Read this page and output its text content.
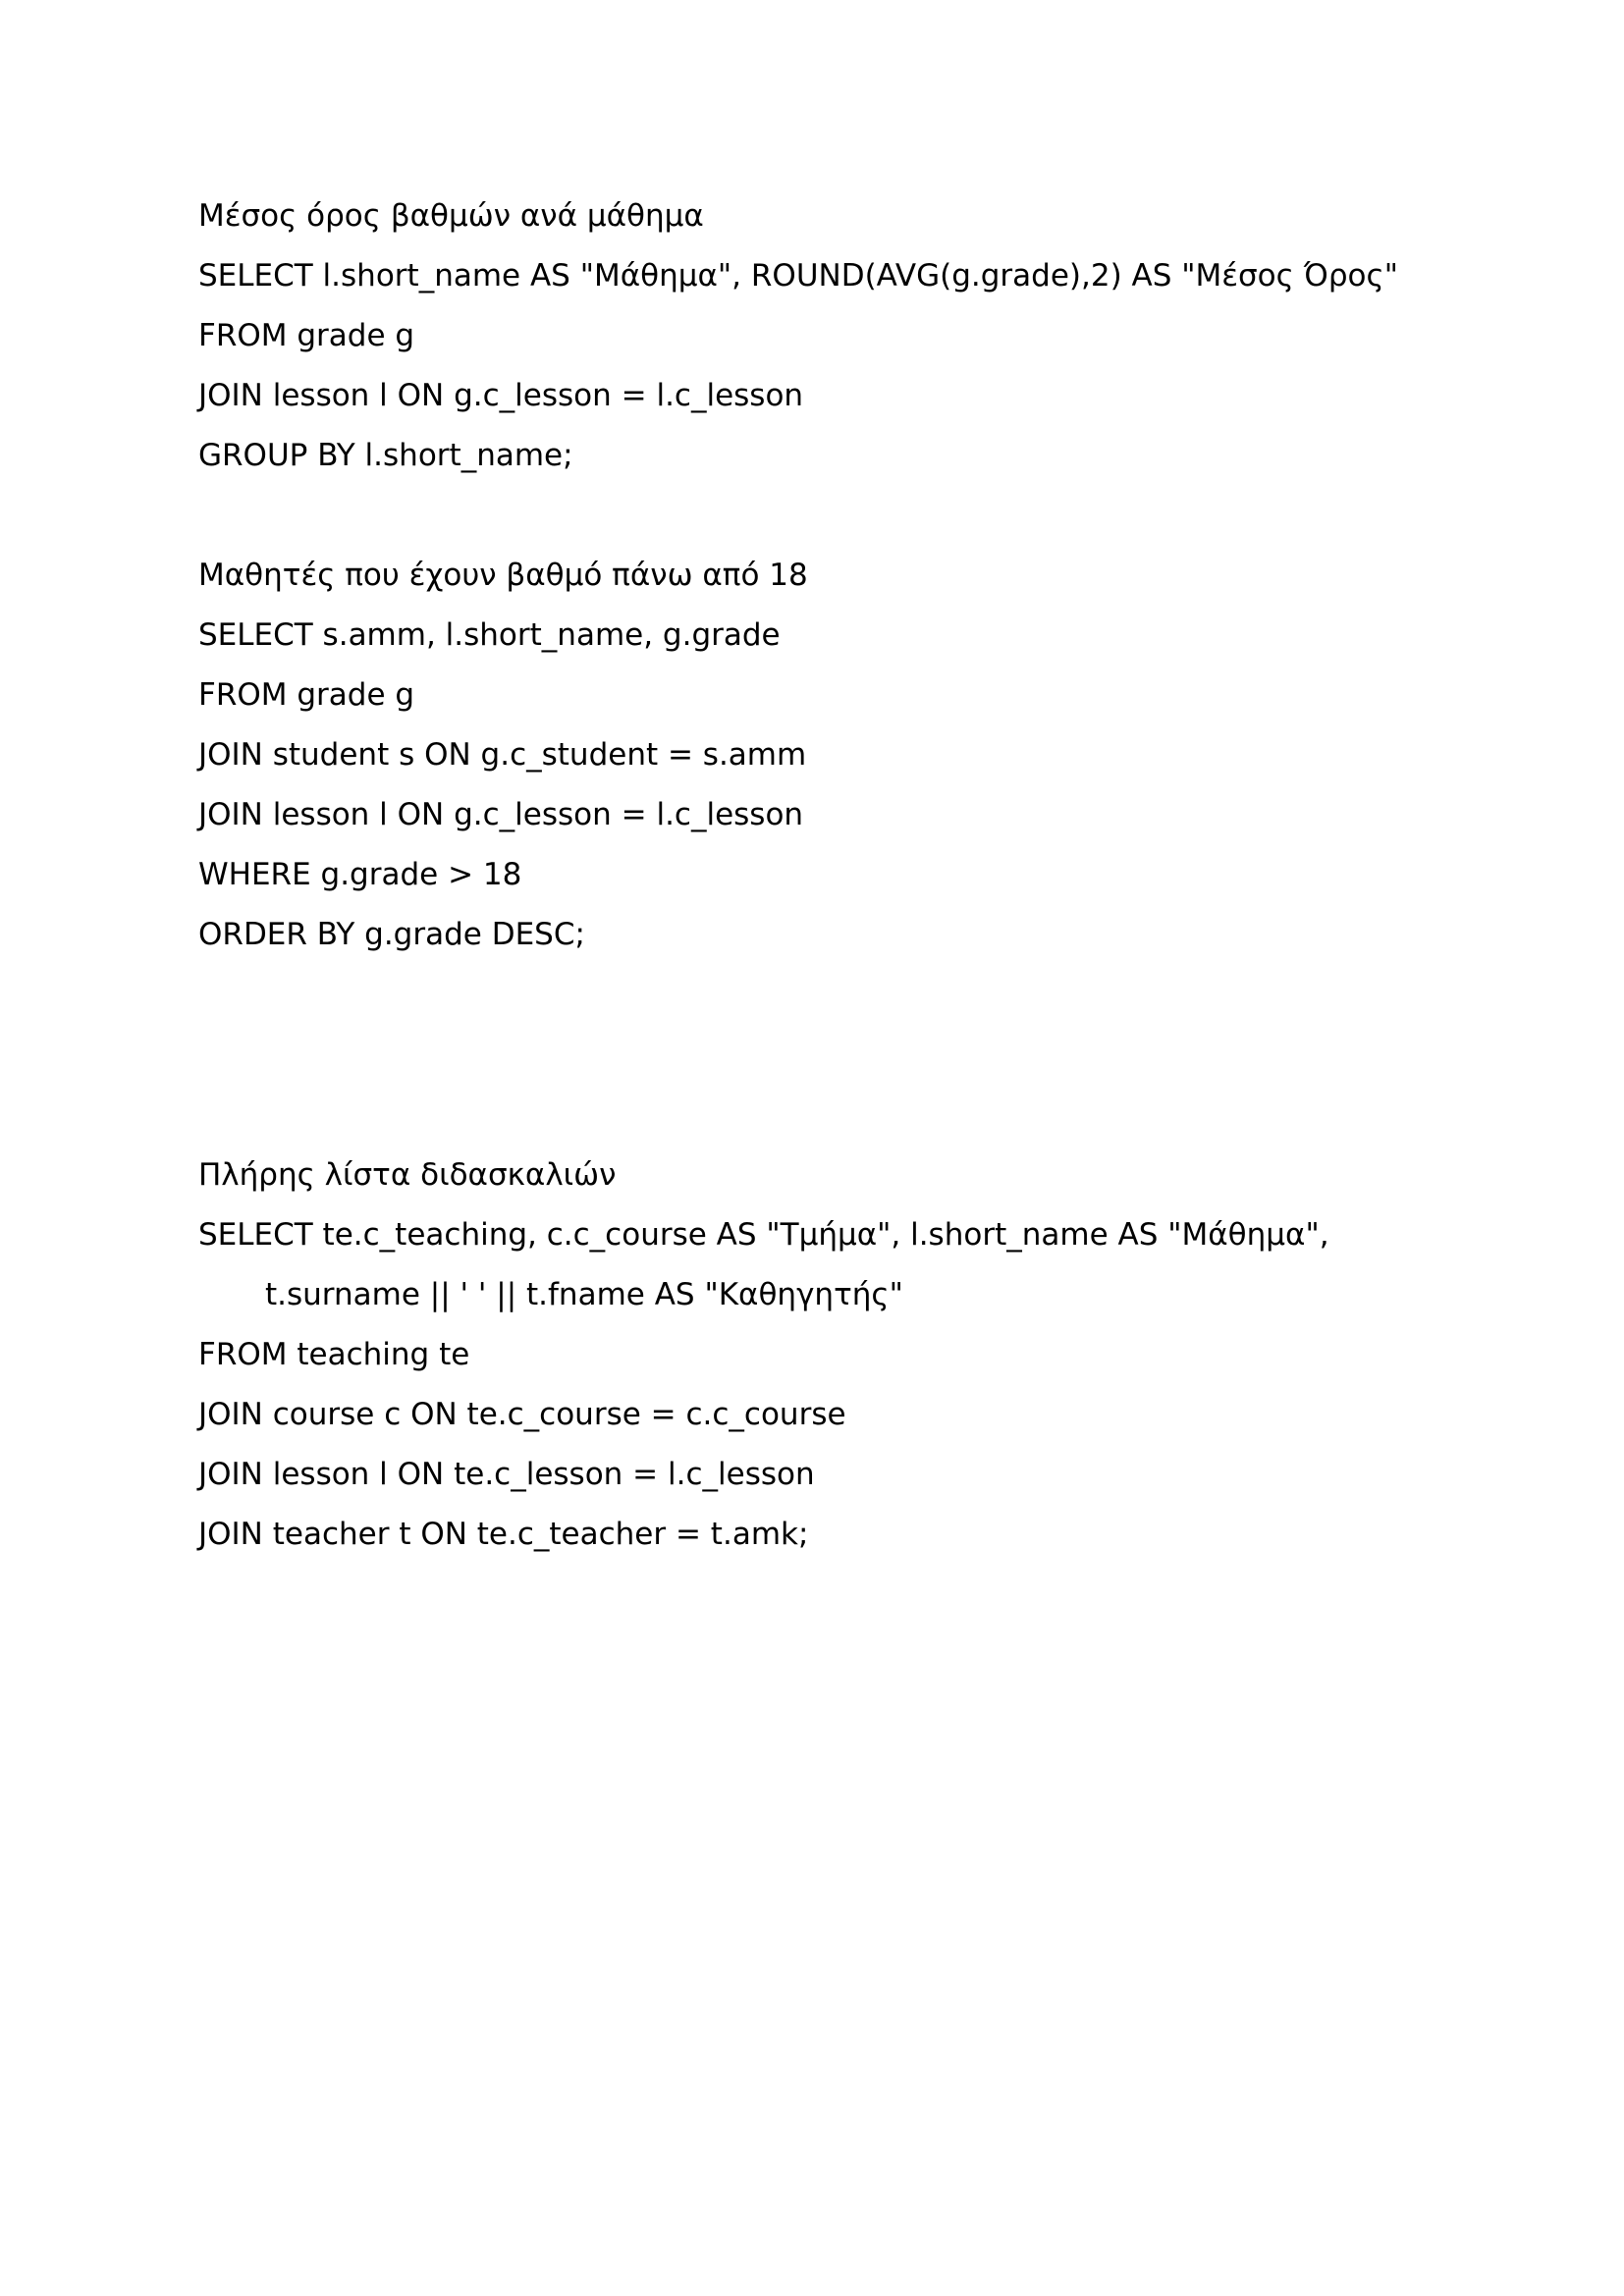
Μέσος όρος βαθμών ανά μάθημα
SELECT l.short_name AS "Μάθημα", ROUND(AVG(g.grade),2) AS "Μέσος Όρος"
FROM grade g
JOIN lesson l ON g.c_lesson = l.c_lesson
GROUP BY l.short_name;
Μαθητές που έχουν βαθμό πάνω από 18
SELECT s.amm, l.short_name, g.grade
FROM grade g
JOIN student s ON g.c_student = s.amm
JOIN lesson l ON g.c_lesson = l.c_lesson
WHERE g.grade > 18
ORDER BY g.grade DESC;
Πλήρης λίστα διδασκαλιών
SELECT te.c_teaching, c.c_course AS "Τμήμα", l.short_name AS "Μάθημα",
t.surname || ' ' || t.fname AS "Καθηγητής"
FROM teaching te
JOIN course c ON te.c_course = c.c_course
JOIN lesson l ON te.c_lesson = l.c_lesson
JOIN teacher t ON te.c_teacher = t.amk;
